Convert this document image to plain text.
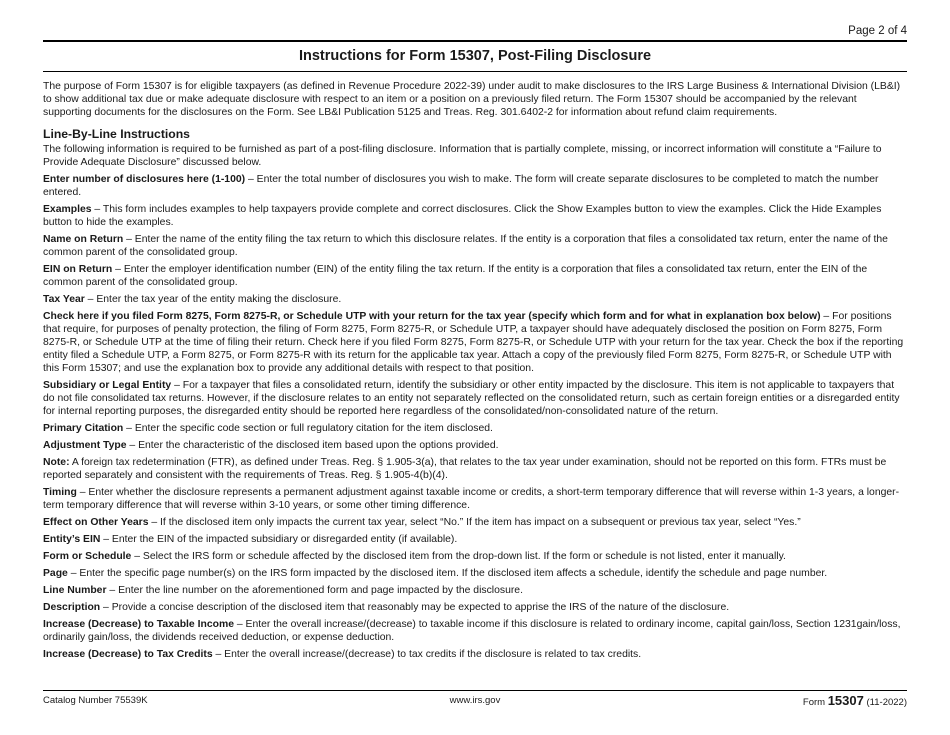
Page 2 of 4
Instructions for Form 15307, Post-Filing Disclosure

The purpose of Form 15307 is for eligible taxpayers (as defined in Revenue Procedure 2022-39) under audit to make disclosures to the IRS Large Business & International Division (LB&I) to show additional tax due or make adequate disclosure with respect to an item or a position on a previously filed return. The Form 15307 should be accompanied by the relevant supporting documents for the disclosures on the Form. See LB&I Publication 5125 and Treas. Reg. 301.6402-2 for information about refund claim requirements.

Line-By-Line Instructions

The following information is required to be furnished as part of a post-filing disclosure. Information that is partially complete, missing, or incorrect information will constitute a “Failure to Provide Adequate Disclosure” discussed below.

Enter number of disclosures here (1-100) – Enter the total number of disclosures you wish to make. The form will create separate disclosures to be completed to match the number entered.

Examples – This form includes examples to help taxpayers provide complete and correct disclosures. Click the Show Examples button to view the examples. Click the Hide Examples button to hide the examples.

Name on Return – Enter the name of the entity filing the tax return to which this disclosure relates. If the entity is a corporation that files a consolidated tax return, enter the name of the common parent of the consolidated group.

EIN on Return – Enter the employer identification number (EIN) of the entity filing the tax return. If the entity is a corporation that files a consolidated tax return, enter the EIN of the common parent of the consolidated group.

Tax Year – Enter the tax year of the entity making the disclosure.

Check here if you filed Form 8275, Form 8275-R, or Schedule UTP with your return for the tax year (specify which form and for what in explanation box below) – For positions that require, for purposes of penalty protection, the filing of Form 8275, Form 8275-R, or Schedule UTP, a taxpayer should have adequately disclosed the position on Form 8275, Form 8275-R, or Schedule UTP at the time of filing their return. Check here if you filed Form 8275, Form 8275-R, or Schedule UTP with your return for the tax year. Check the box if the reporting entity filed a Schedule UTP, a Form 8275, or Form 8275-R with its return for the applicable tax year. Attach a copy of the previously filed Form 8275, Form 8275-R, or Schedule UTP with this Form 15307; and use the explanation box to provide any additional details with respect to that position.

Subsidiary or Legal Entity – For a taxpayer that files a consolidated return, identify the subsidiary or other entity impacted by the disclosure. This item is not applicable to taxpayers that do not file consolidated tax returns. However, if the disclosure relates to an entity not separately reflected on the consolidated return, such as certain foreign entities or a disregarded entity for internal reporting purposes, the disregarded entity should be reported here regardless of the consolidated/non-consolidated nature of the return.

Primary Citation – Enter the specific code section or full regulatory citation for the item disclosed.

Adjustment Type – Enter the characteristic of the disclosed item based upon the options provided.

Note: A foreign tax redetermination (FTR), as defined under Treas. Reg. § 1.905-3(a), that relates to the tax year under examination, should not be reported on this form. FTRs must be reported separately and consistent with the requirements of Treas. Reg. § 1.905-4(b)(4).

Timing – Enter whether the disclosure represents a permanent adjustment against taxable income or credits, a short-term temporary difference that will reverse within 1-3 years, a longer-term temporary difference that will reverse within 3-10 years, or some other timing difference.

Effect on Other Years – If the disclosed item only impacts the current tax year, select “No.” If the item has impact on a subsequent or previous tax year, select “Yes.”

Entity’s EIN – Enter the EIN of the impacted subsidiary or disregarded entity (if available).

Form or Schedule – Select the IRS form or schedule affected by the disclosed item from the drop-down list. If the form or schedule is not listed, enter it manually.

Page – Enter the specific page number(s) on the IRS form impacted by the disclosed item. If the disclosed item affects a schedule, identify the schedule and page number.

Line Number – Enter the line number on the aforementioned form and page impacted by the disclosure.

Description – Provide a concise description of the disclosed item that reasonably may be expected to apprise the IRS of the nature of the disclosure.

Increase (Decrease) to Taxable Income – Enter the overall increase/(decrease) to taxable income if this disclosure is related to ordinary income, capital gain/loss, Section 1231gain/loss, ordinarily gain/loss, the dividends received deduction, or expense deduction.

Increase (Decrease) to Tax Credits – Enter the overall increase/(decrease) to tax credits if the disclosure is related to tax credits.

Catalog Number 75539K	www.irs.gov	Form 15307 (11-2022)
